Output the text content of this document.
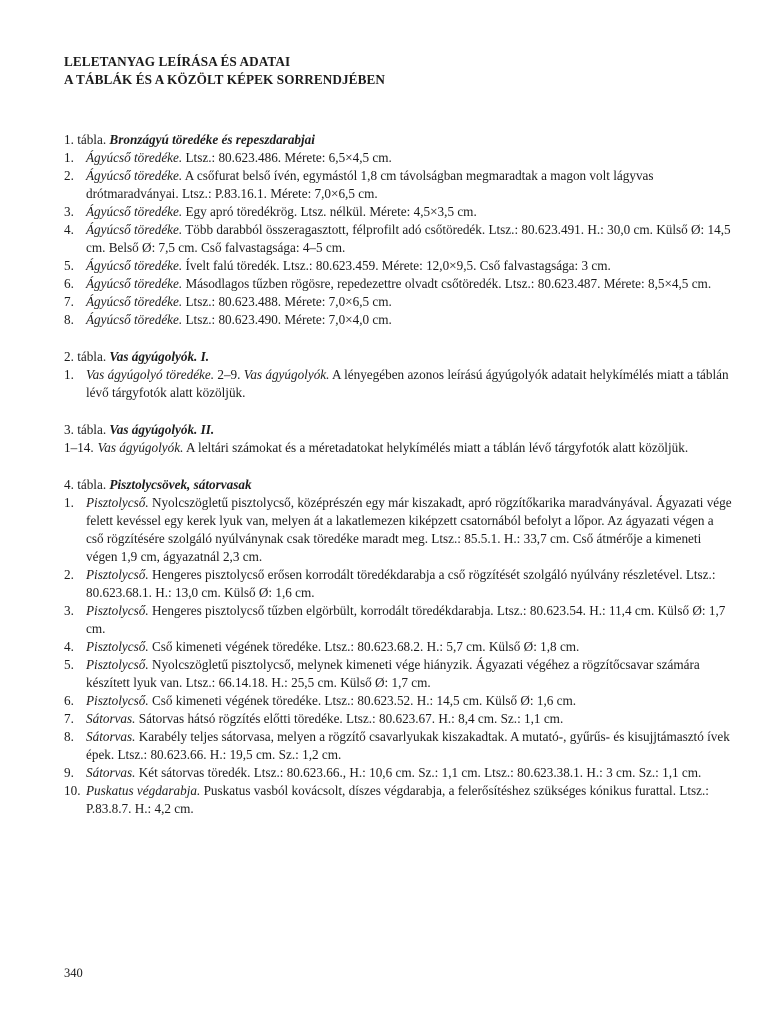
LELETANYAG LEÍRÁSA ÉS ADATAI
A TÁBLÁK ÉS A KÖZÖLT KÉPEK SORRENDJÉBEN
1. tábla. Bronzágyú töredéke és repeszdarabjai
1. Ágyúcső töredéke. Ltsz.: 80.623.486. Mérete: 6,5×4,5 cm.
2. Ágyúcső töredéke. A csőfurat belső ívén, egymástól 1,8 cm távolságban megmaradtak a magon volt lágyvas drótmaradványai. Ltsz.: P.83.16.1. Mérete: 7,0×6,5 cm.
3. Ágyúcső töredéke. Egy apró töredékrög. Ltsz. nélkül. Mérete: 4,5×3,5 cm.
4. Ágyúcső töredéke. Több darabból összeragasztott, félprofilt adó csőtöredék. Ltsz.: 80.623.491. H.: 30,0 cm. Külső Ø: 14,5 cm. Belső Ø: 7,5 cm. Cső falvastagsága: 4–5 cm.
5. Ágyúcső töredéke. Ívelt falú töredék. Ltsz.: 80.623.459. Mérete: 12,0×9,5. Cső falvastagsága: 3 cm.
6. Ágyúcső töredéke. Másodlagos tűzben rögösre, repedezettre olvadt csőtöredék. Ltsz.: 80.623.487. Mérete: 8,5×4,5 cm.
7. Ágyúcső töredéke. Ltsz.: 80.623.488. Mérete: 7,0×6,5 cm.
8. Ágyúcső töredéke. Ltsz.: 80.623.490. Mérete: 7,0×4,0 cm.
2. tábla. Vas ágyúgolyók. I.
1. Vas ágyúgolyó töredéke. 2–9. Vas ágyúgolyók. A lényegében azonos leírású ágyúgolyók adatait helykímélés miatt a táblán lévő tárgyfotók alatt közöljük.
3. tábla. Vas ágyúgolyók. II.
1–14. Vas ágyúgolyók. A leltári számokat és a méretadatokat helykímélés miatt a táblán lévő tárgyfotók alatt közöljük.
4. tábla. Pisztolycsövek, sátorvasak
1. Pisztolycső. Nyolcszögletű pisztolycső, középrészén egy már kiszakadt, apró rögzítőkarika maradványával. Ágyazati vége felett kevéssel egy kerek lyuk van, melyen át a lakatlemezen kiképzett csatornából befolyt a lőpor. Az ágyazati végen a cső rögzítésére szolgáló nyúlványnak csak töredéke maradt meg. Ltsz.: 85.5.1. H.: 33,7 cm. Cső átmérője a kimeneti végen 1,9 cm, ágyazatnál 2,3 cm.
2. Pisztolycső. Hengeres pisztolycső erősen korrodált töredékdarabja a cső rögzítését szolgáló nyúlvány részletével. Ltsz.: 80.623.68.1. H.: 13,0 cm. Külső Ø: 1,6 cm.
3. Pisztolycső. Hengeres pisztolycső tűzben elgörbült, korrodált töredékdarabja. Ltsz.: 80.623.54. H.: 11,4 cm. Külső Ø: 1,7 cm.
4. Pisztolycső. Cső kimeneti végének töredéke. Ltsz.: 80.623.68.2. H.: 5,7 cm. Külső Ø: 1,8 cm.
5. Pisztolycső. Nyolcszögletű pisztolycső, melynek kimeneti vége hiányzik. Ágyazati végéhez a rögzítőcsavar számára készített lyuk van. Ltsz.: 66.14.18. H.: 25,5 cm. Külső Ø: 1,7 cm.
6. Pisztolycső. Cső kimeneti végének töredéke. Ltsz.: 80.623.52. H.: 14,5 cm. Külső Ø: 1,6 cm.
7. Sátorvas. Sátorvas hátsó rögzítés előtti töredéke. Ltsz.: 80.623.67. H.: 8,4 cm. Sz.: 1,1 cm.
8. Sátorvas. Karabély teljes sátorvasa, melyen a rögzítő csavarlyukak kiszakadtak. A mutató-, gyűrűs- és kisujjtámasztó ívek épek. Ltsz.: 80.623.66. H.: 19,5 cm. Sz.: 1,2 cm.
9. Sátorvas. Két sátorvas töredék. Ltsz.: 80.623.66., H.: 10,6 cm. Sz.: 1,1 cm. Ltsz.: 80.623.38.1. H.: 3 cm. Sz.: 1,1 cm.
10. Puskatus végdarabja. Puskatus vasból kovácsolt, díszes végdarabja, a felerősítéshez szükséges kónikus furattal. Ltsz.: P.83.8.7. H.: 4,2 cm.
340
